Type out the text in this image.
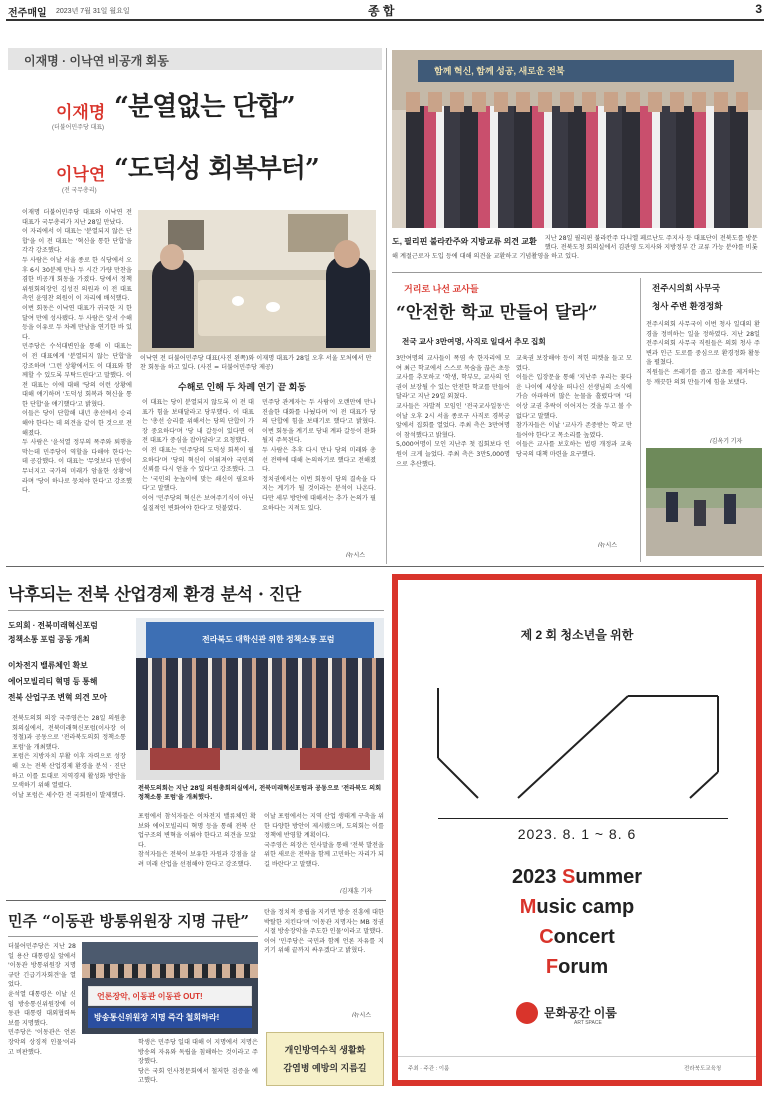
전주매일 2023년 7월 31일 월요일	종 합	3
이재명 · 이낙연 비공개 회동
이재명
(더불어민주당 대표)
“분열없는 단합”
이낙연
(전 국무총리)
“도덕성 회복부터”

이재명 더불어민주당 대표와 이낙연 전 대표가 국무총리가 지난 28일 만났다.

이 자리에서 이 대표는 '분열되지 않은 단합'을 이 전 대표는 '혁신을 통한 단합'을 각각 강조했다.

두 사람은 이날 서울 종로 한 식당에서 오후 6시 30분께 만나 두 시간 가량 만찬을 겸한 비공개 회동을 가졌다. 당에서 정책위원회의장인 김성진 의원과 이 전 대표 측인 윤영찬 의원이 이 자리에 배석했다.

이번 회동은 이낙연 대표가 귀국한 지 한 달여 만에 성사됐다. 두 사람은 앞서 수해 등을 이유로 두 차례 만남을 연기한 바 있다.

민주당은 수석대변인을 통해 이 대표는 이 전 대표에게 '분열되지 않는 단합'을 강조하며 '그런 상황에서도 이 대표와 함께할 수 있도록 부탁드린다'고 말했다. 이 전 대표는 이에 대해 '당의 이런 상황에 대해 얘기하며 '도덕성 회복과 혁신을 통한 단합'을 얘기했다'고 밝혔다.

이들은 당이 단합해 내년 총선에서 승리해야 한다는 데 의견을 같이 한 것으로 전해졌다.

두 사람은 '윤석열 정부의 폭주와 퇴행을 막는데 민주당이 역할을 다해야 한다'는 데 공감했다. 이 대표는 '무엇보다 민생이 무너지고 국가의 미래가 암울한 상황'이라며 '당이 하나로 뭉쳐야 한다'고 강조했다.

이낙연 전 더불어민주당 대표(사진 왼쪽)와 이재명 대표가 28일 오후 서울 모처에서 만찬 회동을 하고 있다. (사진 = 더불어민주당 제공)
수해로 인해 두 차례 연기 끝 회동

이 대표는 당이 분열되지 않도록 이 전 대표가 힘을 보태달라고 당부했다. 이 대표는 '총선 승리를 위해서는 당의 단합이 가장 중요하다'며 '당 내 갈등이 있다면 이 전 대표가 중심을 잡아달라'고 요청했다.

이 전 대표는 '민주당의 도덕성 회복이 필요하다'며 '당의 혁신이 이뤄져야 국민의 신뢰를 다시 얻을 수 있다'고 강조했다. 그는 '국민의 눈높이에 맞는 쇄신이 필요하다'고 말했다.

이어 '민주당의 혁신은 보여주기식이 아닌 실질적인 변화여야 한다'고 덧붙였다.

민주당 관계자는 두 사람이 오랜만에 만나 진솔한 대화를 나눴다며 '이 전 대표가 당의 단합에 힘을 보태기로 했다'고 밝혔다. 이번 회동을 계기로 당내 계파 갈등이 완화될지 주목된다.

두 사람은 추후 다시 만나 당의 미래와 총선 전략에 대해 논의하기로 했다고 전해졌다.

정치권에서는 이번 회동이 당의 결속을 다지는 계기가 될 것이라는 분석이 나온다. 다만 세부 방안에 대해서는 추가 논의가 필요하다는 지적도 있다.

/뉴시스
함께 혁신, 함께 성공, 새로운 전북
도, 필리핀 불라칸주와 지방교류 의견 교환 지난 28일 필리핀 불라칸주 다니엘 페르난도 주지사 등 대표단이 전북도를 방문했다. 전북도청 회의실에서 김관영 도지사와 지방정부 간 교류 가능 분야를 비롯해 계절근로자 도입 등에 대해 의견을 교환하고 기념촬영을 하고 있다.
거리로 나선 교사들
“안전한 학교 만들어 달라”
전국 교사 3만여명, 사직로 일대서 추모 집회

3만여명의 교사들이 폭염 속 한자리에 모여 최근 학교에서 스스로 목숨을 끊은 초등교사를 추모하고 '학생, 학부모, 교사의 인권이 보장될 수 있는 안전한 학교를 만들어 달라'고 지난 29일 외쳤다.

교사들은 자발적 모임인 '전국교사일동'은 이날 오후 2시 서울 종로구 사직로 경복궁 앞에서 집회를 열었다. 주최 측은 3만여명이 참석했다고 밝혔다.

5,000여명이 모인 지난주 첫 집회보다 인원이 크게 늘었다. 주최 측은 3만5,000명으로 추산했다.

교육권 보장해야 등이 적힌 피켓을 들고 모였다.

이들은 입장문을 통해 '지난주 우리는 꽃다운 나이에 세상을 떠나신 선생님의 소식에 가슴 아파하며 많은 눈물을 흘렸다'며 '더 이상 교권 추락이 이어지는 것을 두고 볼 수 없다'고 말했다.

참가자들은 이날 '교사가 존중받는 학교 만들어야 한다'고 목소리를 높였다.

이들은 교사를 보호하는 법령 개정과 교육 당국의 대책 마련을 요구했다.

/뉴시스
전주시의회 사무국
청사 주변 환경정화

전주시의회 사무국이 이번 청사 일대의 환경을 정비하는 일을 정하였다. 지난 28일 전주시의회 사무국 직원들은 의회 청사 주변과 인근 도로를 중심으로 환경정화 활동을 펼쳤다.

직원들은 쓰레기를 줍고 잡초를 제거하는 등 깨끗한 의회 만들기에 힘을 보탰다.

/김옥기 기자
낙후되는 전북 산업경제 환경 분석 · 진단
도의회 · 전북미래혁신포럼
정책소통 포럼 공동 개최
이차전지 밸류체인 확보
에어모빌리티 혁명 등 통해
전북 산업구조 변혁 의견 모아

전북도의회 의장 국주영은는 28일 의원총회의실에서, 전북미래혁신포럼(이사장 이정철)과 공동으로 '전라북도의회 정책소통 포럼'을 개최했다.

포럼은 지방자치 부활 이후 자력으로 성장해 오는 전북 산업경제 환경을 분석 · 진단하고 이를 토대로 지역경제 활성화 방안을 모색하기 위해 열렸다.

이날 포럼은 세수한 전 국회원이 발제했다.

전라북도 대학신관 위한 정책소통 포럼
전북도의회는 지난 28일 의원총회의실에서, 전북미래혁신포럼과 공동으로 '전라북도 의회 정책소통 포럼'을 개최했다.

포럼에서 참석자들은 이차전지 밸류체인 확보와 에어모빌리티 혁명 등을 통해 전북 산업구조의 변혁을 이뤄야 한다고 의견을 모았다.

참석자들은 전북이 보유한 자원과 강점을 살려 미래 산업을 선점해야 한다고 강조했다.

이날 포럼에서는 지역 산업 생태계 구축을 위한 다양한 방안이 제시됐으며, 도의회는 이를 정책에 반영할 계획이다.

국주영은 의장은 인사말을 통해 '전북 발전을 위한 새로운 전략을 함께 고민하는 자리가 되길 바란다'고 말했다.

/김재훈 기자
민주 “이동관 방통위원장 지명 규탄”

더불어민주당은 지난 28일 용산 대통령실 앞에서 '이동관 방통위원장 지명 규탄 긴급기자회견'을 열었다.

윤석열 대통령은 이날 신임 방송통신위원장에 이동관 대통령 대외협력특보를 지명했다.

민주당은 '이동관은 언론 장악의 상징적 인물'이라고 비판했다.

언론장악, 이동관 이동관 OUT!
방송통신위원장 지명 즉각 철회하라!

학생은 민주당 일대 대해 이 지명에서 지명은 방송의 자유와 독립을 침해하는 것이라고 주장했다.

당은 국회 인사청문회에서 철저한 검증을 예고했다.

탄을 정치적 중립을 지키면 방송 진흥에 대한 박탈한 지킨다'며 '이동관 지명자는 MB 정권 시절 방송장악을 주도한 인물'이라고 말했다.

이어 '민주당은 국민과 함께 언론 자유를 지키기 위해 끝까지 싸우겠다'고 밝혔다.

/뉴시스
개인방역수칙 생활화
감염병 예방의 지름길
제 2 회 청소년을 위한
2023. 8. 1 ~ 8. 6
2023 Summer
Music camp
Concert
Forum
문화공간 이룸
ART SPACE
주최 · 주관 : 이룸	전라북도교육청
